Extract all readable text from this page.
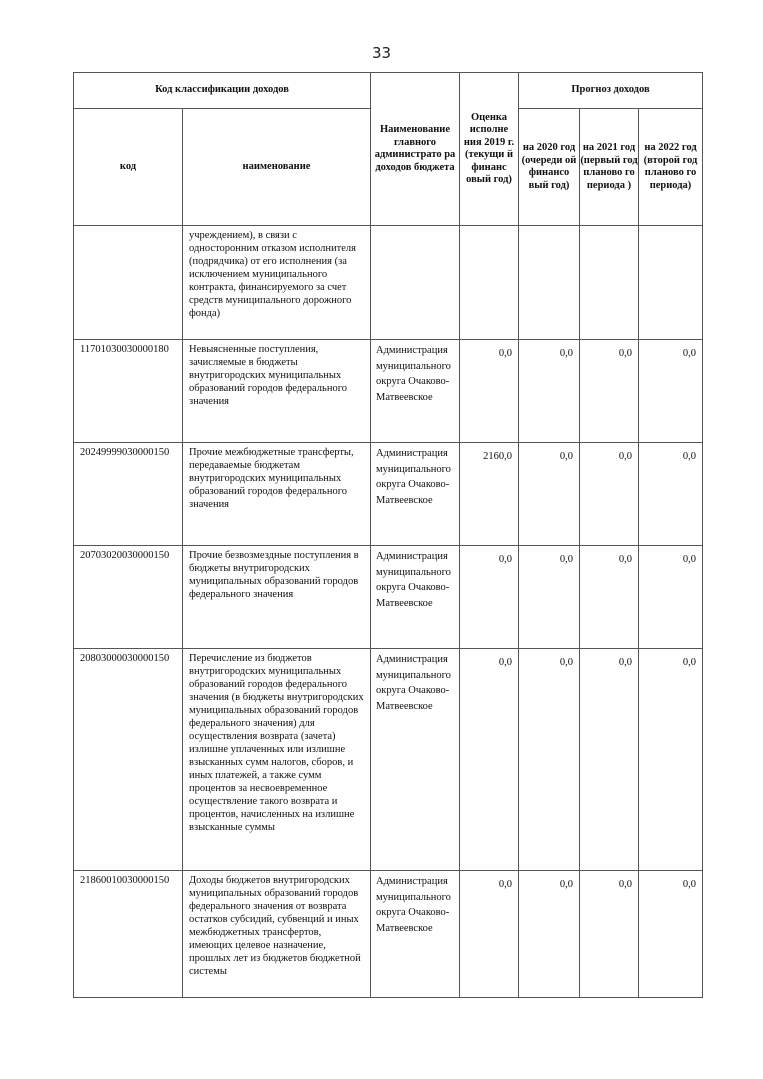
33
Код классификации доходов		Наименование главного администрато ра доходов бюджета	Оценка исполне ния 2019 г. (текущи й финанс овый год)	Прогноз доходов		
код	наименование			на 2020 год (очереди ой финансо вый год)	на 2021 год (первый год планово го периода )	на 2022 год (второй год планово го периода)
	учреждением), в связи с односторонним отказом исполнителя (подрядчика) от его исполнения (за исключением муниципального контракта, финансируемого за счет средств муниципального дорожного фонда)					
11701030030000180	Невыясненные поступления, зачисляемые в бюджеты внутригородских муниципальных образований городов федерального значения	Администрация муниципального округа Очаково-Матвеевское	0,0	0,0	0,0	0,0
20249999030000150	Прочие межбюджетные трансферты, передаваемые бюджетам внутригородских муниципальных образований городов федерального значения	Администрация муниципального округа Очаково-Матвеевское	2160,0	0,0	0,0	0,0
20703020030000150	Прочие безвозмездные поступления в бюджеты внутригородских муниципальных образований городов федерального значения	Администрация муниципального округа Очаково-Матвеевское	0,0	0,0	0,0	0,0
20803000030000150	Перечисление из бюджетов внутригородских муниципальных образований городов федерального значения (в бюджеты внутригородских муниципальных образований городов федерального значения) для осуществления возврата (зачета) излишне уплаченных или излишне взысканных сумм налогов, сборов, и иных платежей, а также сумм процентов за несвоевременное осуществление такого возврата и процентов, начисленных на излишне взысканные суммы	Администрация муниципального округа Очаково-Матвеевское	0,0	0,0	0,0	0,0
21860010030000150	Доходы бюджетов внутригородских муниципальных образований городов федерального значения от возврата остатков субсидий, субвенций и иных межбюджетных трансфертов, имеющих целевое назначение, прошлых лет из бюджетов бюджетной системы	Администрация муниципального округа Очаково-Матвеевское	0,0	0,0	0,0	0,0
